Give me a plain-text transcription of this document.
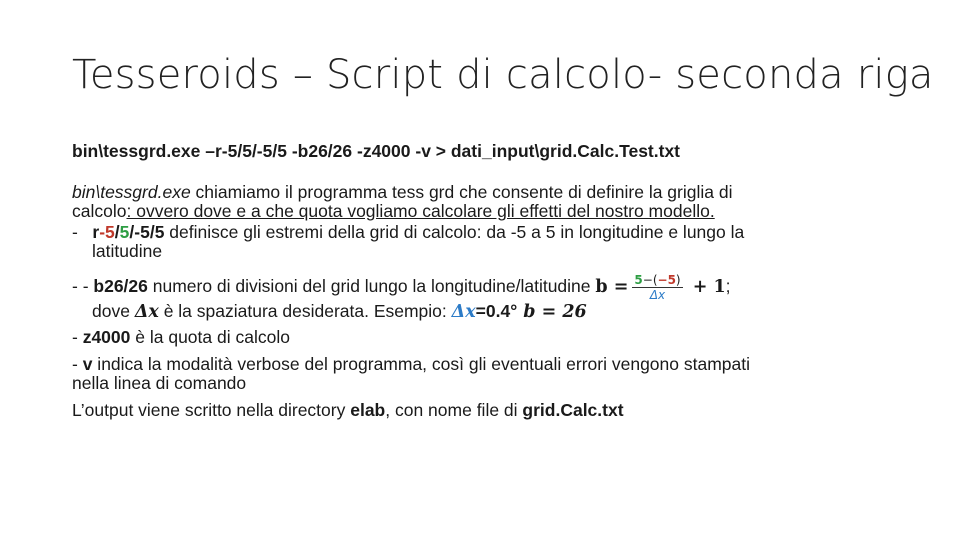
Tesseroids – Script di calcolo- seconda riga
bin\tessgrd.exe –r-5/5/-5/5 -b26/26 -z4000 -v > dati_input\grid.Calc.Test.txt
bin\tessgrd.exe chiamiamo il programma tess grd che consente di definire la griglia di
calcolo: ovvero dove e a che quota vogliamo calcolare gli effetti del nostro modello.
- r-5/5/-5/5 definisce gli estremi della grid di calcolo: da -5 a 5 in longitudine e lungo la
latitudine
- - b26/26 numero di divisioni del grid lungo la longitudine/latitudine $b = \frac{5-(-5)}{\Delta x} + 1$;
dove Δx è la spaziatura desiderata. Esempio: Δx=0.4° b = 26
- z4000 è la quota di calcolo
- v indica la modalità verbose del programma, così gli eventuali errori vengono stampati
nella linea di comando
L’output viene scritto nella directory elab, con nome file di grid.Calc.txt
